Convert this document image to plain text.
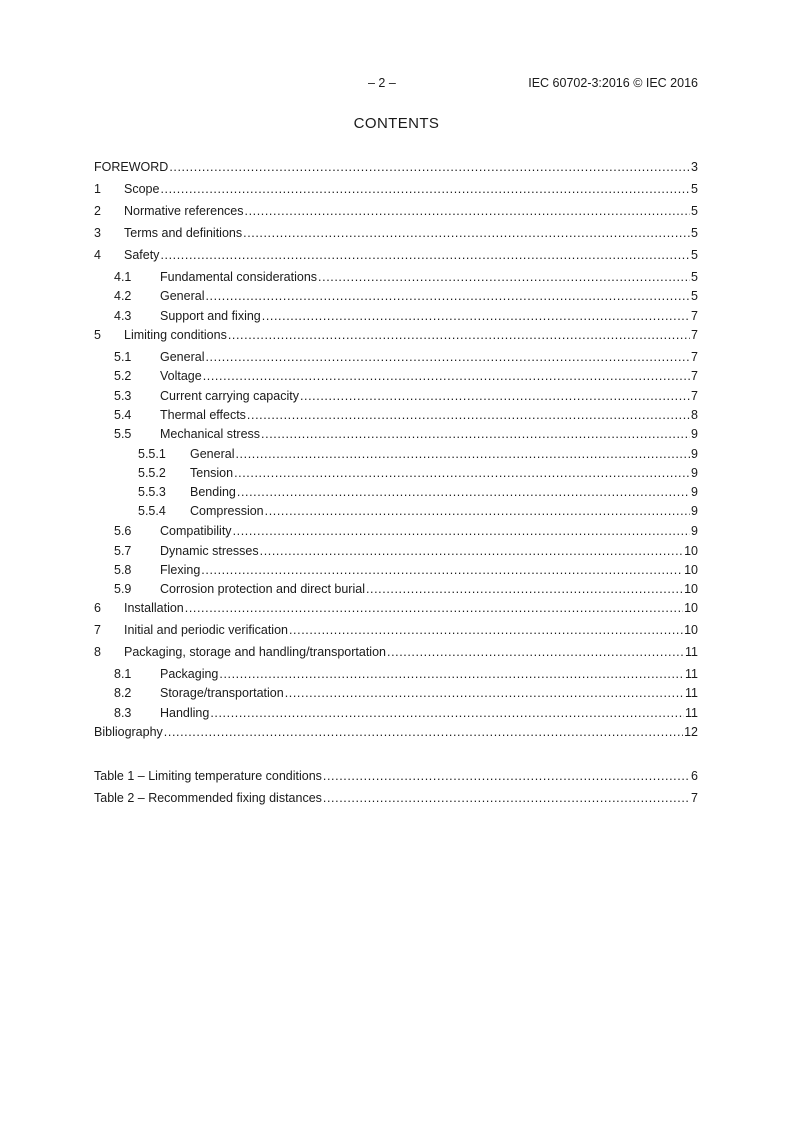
– 2 –	IEC 60702-3:2016 © IEC 2016
CONTENTS
FOREWORD .....	3
1	Scope .....	5
2	Normative references .....	5
3	Terms and definitions .....	5
4	Safety .....	5
4.1	Fundamental considerations .....	5
4.2	General .....	5
4.3	Support and fixing .....	7
5	Limiting conditions .....	7
5.1	General .....	7
5.2	Voltage .....	7
5.3	Current carrying capacity .....	7
5.4	Thermal effects .....	8
5.5	Mechanical stress .....	9
5.5.1	General .....	9
5.5.2	Tension .....	9
5.5.3	Bending .....	9
5.5.4	Compression .....	9
5.6	Compatibility .....	9
5.7	Dynamic stresses .....	10
5.8	Flexing .....	10
5.9	Corrosion protection and direct burial .....	10
6	Installation .....	10
7	Initial and periodic verification .....	10
8	Packaging, storage and handling/transportation .....	11
8.1	Packaging .....	11
8.2	Storage/transportation .....	11
8.3	Handling .....	11
Bibliography .....	12
Table 1 – Limiting temperature conditions .....	6
Table 2 – Recommended fixing distances .....	7
